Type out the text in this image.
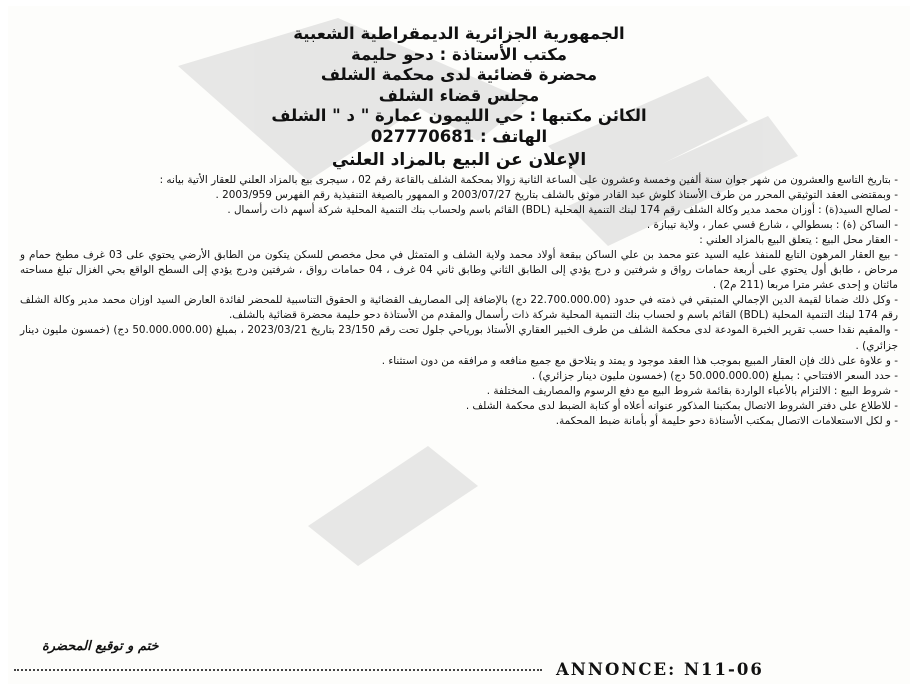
الجمهورية الجزائرية الديمقراطية الشعبية
مكتب الأستاذة : دحو حليمة
محضرة قضائية لدى محكمة الشلف
مجلس قضاء الشلف
الكائن مكتبها : حي الليمون عمارة " د " الشلف
الهاتف : 027770681
الإعلان عن البيع بالمزاد العلني

- بتاريخ التاسع والعشرون من شهر جوان سنة ألفين وخمسة وعشرون على الساعة الثانية زوالا بمحكمة الشلف بالقاعة رقم 02 ، سيجرى بيع بالمزاد العلني للعقار الأتية بيانه :

- وبمقتضى العقد التوثيقي المحرر من طرف الأستاذ كلوش عبد القادر موثق بالشلف بتاريخ 2003/07/27 و الممهور بالصيغة التنفيذية رقم الفهرس 2003/959 .

- لصالح السيد(ة) : أوزان محمد مدير وكالة الشلف رقم 174 لبنك التنمية المحلية (BDL) القائم باسم ولحساب بنك التنمية المحلية شركة أسهم ذات رأسمال .

- الساكن (ة) : بسطوالي ، شارع قسي عمار ، ولاية تيبازة .

- العقار محل البيع : يتعلق البيع بالمزاد العلني :

- بيع العقار المرهون التابع للمنفذ عليه السيد عتو محمد بن علي الساكن ببقعة أولاد محمد ولاية الشلف و المتمثل في محل مخصص للسكن يتكون من الطابق الأرضي يحتوي على 03 غرف مطبخ حمام و مرحاض ، طابق أول يحتوي على أربعة حمامات رواق و شرفتين و درج يؤدي إلى الطابق الثاني وطابق ثاني 04 غرف ، 04 حمامات رواق ، شرفتين ودرج يؤدي إلى السطح الواقع بحي الغزال تبلغ مساحته مائتان و إحدى عشر مترا مربعا (211 م2) .

- وكل ذلك ضمانا لقيمة الدين الإجمالي المتبقي في ذمته في حدود (22.700.000.00 دج) بالإضافة إلى المصاريف القضائية و الحقوق التناسبية للمحضر لفائدة العارض السيد اوزان محمد مدير وكالة الشلف رقم 174 لبنك التنمية المحلية (BDL) القائم باسم و لحساب بنك التنمية المحلية شركة ذات رأسمال والمقدم من الأستاذة دحو حليمة محضرة قضائية بالشلف.

- والمقيم نقدا حسب تقرير الخبرة المودعة لدى محكمة الشلف من طرف الخبير العقاري الأستاذ بورياحي جلول تحت رقم 23/150 بتاريخ 2023/03/21 ، بمبلغ (50.000.000.00 دج) (خمسون مليون دينار جزائري) .

- و علاوة على ذلك فإن العقار المبيع بموجب هذا العقد موجود و يمتد و يتلاحق مع جميع منافعه و مرافقه من دون استثناء .

- حدد السعر الافتتاحي : بمبلغ (50.000.000.00 دج) (خمسون مليون دينار جزائري) .

- شروط البيع : الالتزام بالأعباء الواردة بقائمة شروط البيع مع دفع الرسوم والمصاريف المختلفة .

- للاطلاع على دفتر الشروط الاتصال بمكتبنا المذكور عنوانه أعلاه أو كتابة الضبط لدى محكمة الشلف .

- و لكل الاستعلامات الاتصال بمكتب الأستاذة دحو حليمة أو بأمانة ضبط المحكمة.

ختم و توقيع المحضرة
ANNONCE: N11-06
